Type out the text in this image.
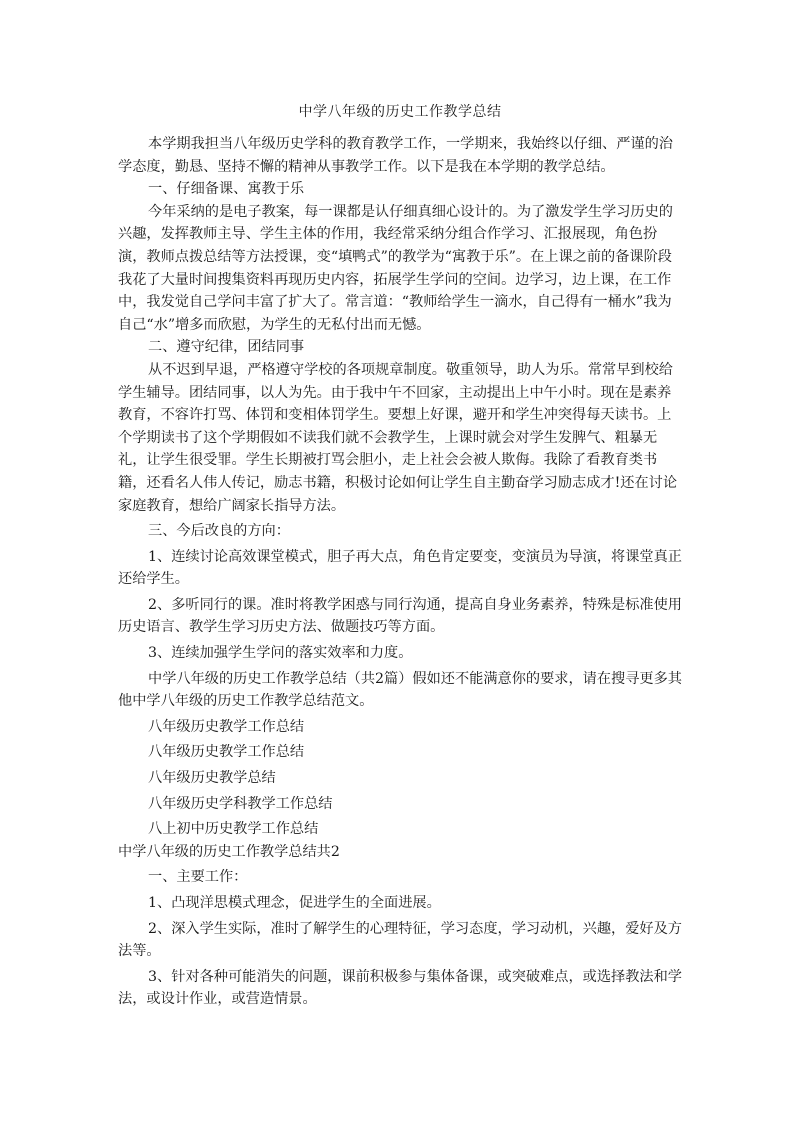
中学八年级的历史工作教学总结

本学期我担当八年级历史学科的教育教学工作，一学期来，我始终以仔细、严谨的治学态度，勤恳、坚持不懈的精神从事教学工作。以下是我在本学期的教学总结。

一、仔细备课、寓教于乐

今年采纳的是电子教案，每一课都是认仔细真细心设计的。为了激发学生学习历史的兴趣，发挥教师主导、学生主体的作用，我经常采纳分组合作学习、汇报展现，角色扮演，教师点拨总结等方法授课，变“填鸭式”的教学为“寓教于乐”。在上课之前的备课阶段我花了大量时间搜集资料再现历史内容，拓展学生学问的空间。边学习，边上课，在工作中，我发觉自己学问丰富了扩大了。常言道：“教师给学生一滴水，自己得有一桶水”我为自己“水”增多而欣慰，为学生的无私付出而无憾。

二、遵守纪律，团结同事

从不迟到早退，严格遵守学校的各项规章制度。敬重领导，助人为乐。常常早到校给学生辅导。团结同事，以人为先。由于我中午不回家，主动提出上中午小时。现在是素养教育，不容许打骂、体罚和变相体罚学生。要想上好课，避开和学生冲突得每天读书。上个学期读书了这个学期假如不读我们就不会教学生，上课时就会对学生发脾气、粗暴无礼，让学生很受罪。学生长期被打骂会胆小，走上社会会被人欺侮。我除了看教育类书籍，还看名人伟人传记，励志书籍，积极讨论如何让学生自主勤奋学习励志成才!还在讨论家庭教育，想给广阔家长指导方法。

三、今后改良的方向：

1、连续讨论高效课堂模式，胆子再大点，角色肯定要变，变演员为导演，将课堂真正还给学生。

2、多听同行的课。准时将教学困惑与同行沟通，提高自身业务素养，特殊是标准使用历史语言、教学生学习历史方法、做题技巧等方面。

3、连续加强学生学问的落实效率和力度。

中学八年级的历史工作教学总结（共2篇）假如还不能满意你的要求，请在搜寻更多其他中学八年级的历史工作教学总结范文。

八年级历史教学工作总结

八年级历史教学工作总结

八年级历史教学总结

八年级历史学科教学工作总结

八上初中历史教学工作总结

中学八年级的历史工作教学总结共2

一、主要工作：

1、凸现洋思模式理念，促进学生的全面进展。

2、深入学生实际，准时了解学生的心理特征，学习态度，学习动机，兴趣，爱好及方法等。

3、针对各种可能消失的问题，课前积极参与集体备课，或突破难点，或选择教法和学法，或设计作业，或营造情景。
